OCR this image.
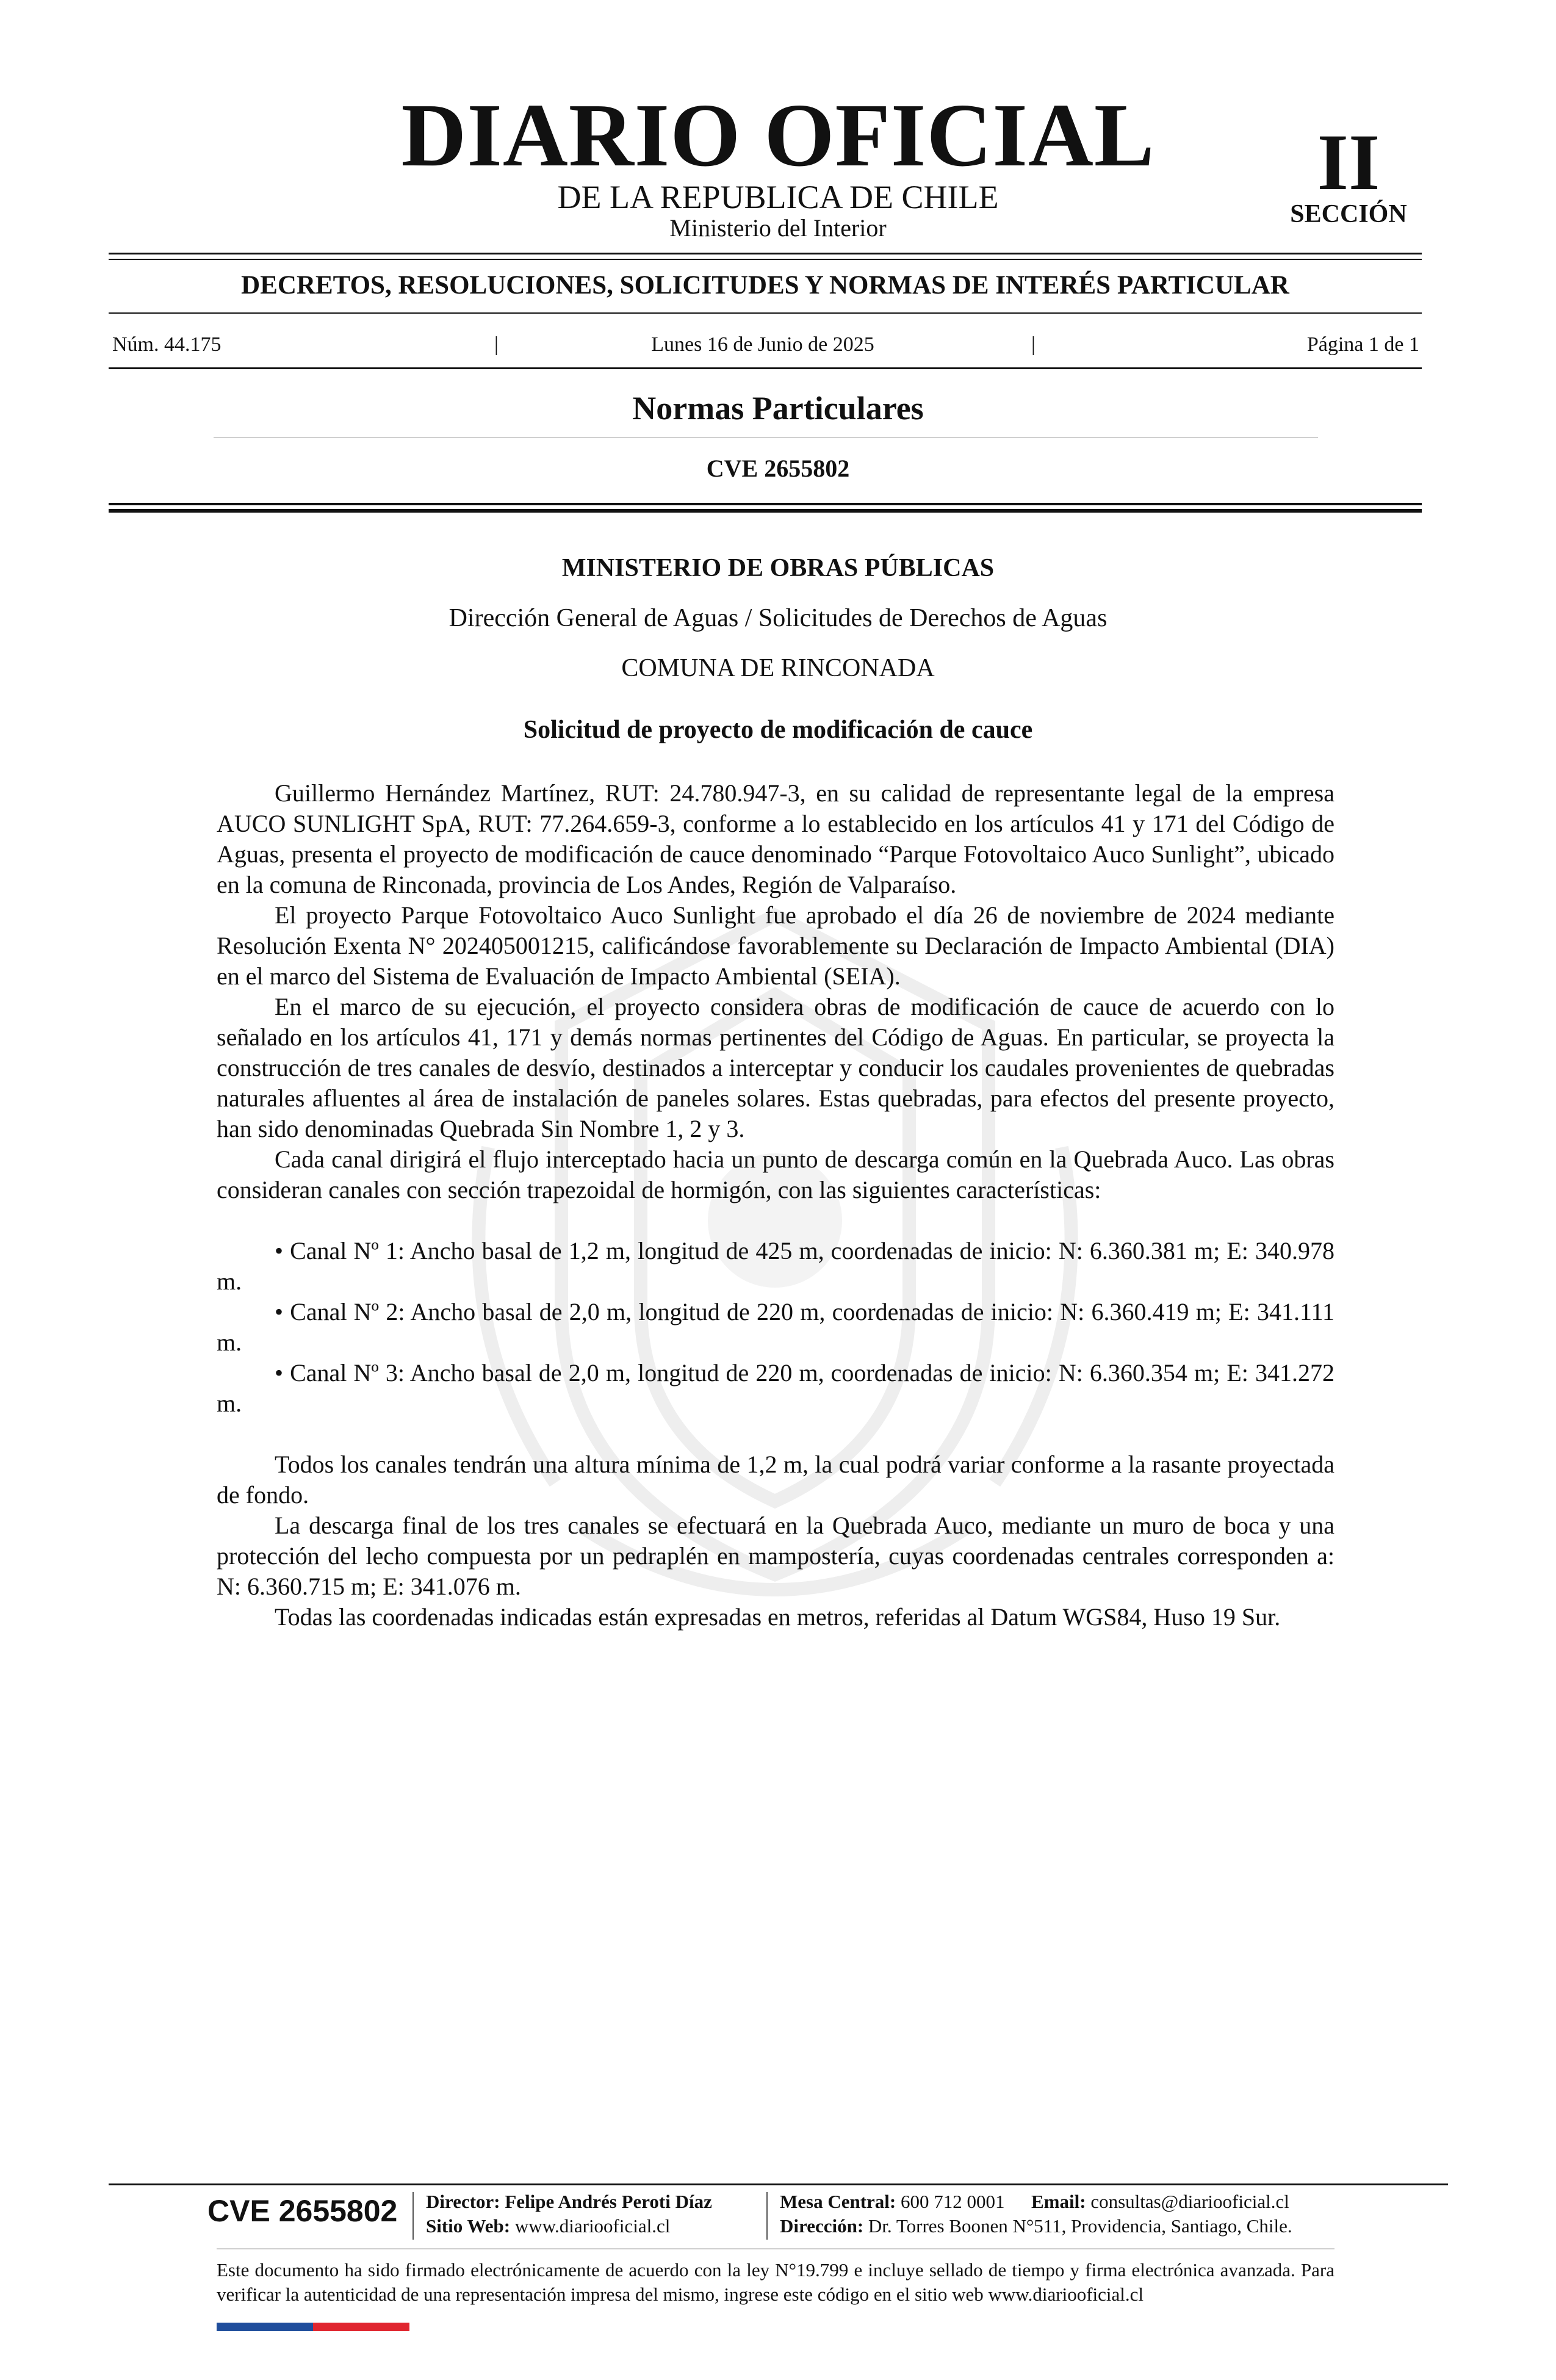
DIARIO OFICIAL
DE LA REPUBLICA DE CHILE
Ministerio del Interior
II
SECCIÓN
DECRETOS, RESOLUCIONES, SOLICITUDES Y NORMAS DE INTERÉS PARTICULAR
Núm. 44.175	|	Lunes 16 de Junio de 2025	|	Página 1 de 1
Normas Particulares
CVE 2655802
MINISTERIO DE OBRAS PÚBLICAS
Dirección General de Aguas / Solicitudes de Derechos de Aguas
COMUNA DE RINCONADA
Solicitud de proyecto de modificación de cauce

Guillermo Hernández Martínez, RUT: 24.780.947-3, en su calidad de representante legal de la empresa AUCO SUNLIGHT SpA, RUT: 77.264.659-3, conforme a lo establecido en los artículos 41 y 171 del Código de Aguas, presenta el proyecto de modificación de cauce denominado “Parque Fotovoltaico Auco Sunlight”, ubicado en la comuna de Rinconada, provincia de Los Andes, Región de Valparaíso.

El proyecto Parque Fotovoltaico Auco Sunlight fue aprobado el día 26 de noviembre de 2024 mediante Resolución Exenta N° 202405001215, calificándose favorablemente su Declaración de Impacto Ambiental (DIA) en el marco del Sistema de Evaluación de Impacto Ambiental (SEIA).

En el marco de su ejecución, el proyecto considera obras de modificación de cauce de acuerdo con lo señalado en los artículos 41, 171 y demás normas pertinentes del Código de Aguas. En particular, se proyecta la construcción de tres canales de desvío, destinados a interceptar y conducir los caudales provenientes de quebradas naturales afluentes al área de instalación de paneles solares. Estas quebradas, para efectos del presente proyecto, han sido denominadas Quebrada Sin Nombre 1, 2 y 3.

Cada canal dirigirá el flujo interceptado hacia un punto de descarga común en la Quebrada Auco. Las obras consideran canales con sección trapezoidal de hormigón, con las siguientes características:

• Canal Nº 1: Ancho basal de 1,2 m, longitud de 425 m, coordenadas de inicio: N: 6.360.381 m; E: 340.978 m.

• Canal Nº 2: Ancho basal de 2,0 m, longitud de 220 m, coordenadas de inicio: N: 6.360.419 m; E: 341.111 m.

• Canal Nº 3: Ancho basal de 2,0 m, longitud de 220 m, coordenadas de inicio: N: 6.360.354 m; E: 341.272 m.

Todos los canales tendrán una altura mínima de 1,2 m, la cual podrá variar conforme a la rasante proyectada de fondo.

La descarga final de los tres canales se efectuará en la Quebrada Auco, mediante un muro de boca y una protección del lecho compuesta por un pedraplén en mampostería, cuyas coordenadas centrales corresponden a: N: 6.360.715 m; E: 341.076 m.

Todas las coordenadas indicadas están expresadas en metros, referidas al Datum WGS84, Huso 19 Sur.

CVE 2655802 Director: Felipe Andrés Peroti Díaz
Sitio Web: www.diariooficial.cl
Mesa Central: 600 712 0001 Email: consultas@diariooficial.cl
Dirección: Dr. Torres Boonen N°511, Providencia, Santiago, Chile.
Este documento ha sido firmado electrónicamente de acuerdo con la ley N°19.799 e incluye sellado de tiempo y firma electrónica avanzada. Para verificar la autenticidad de una representación impresa del mismo, ingrese este código en el sitio web www.diariooficial.cl
